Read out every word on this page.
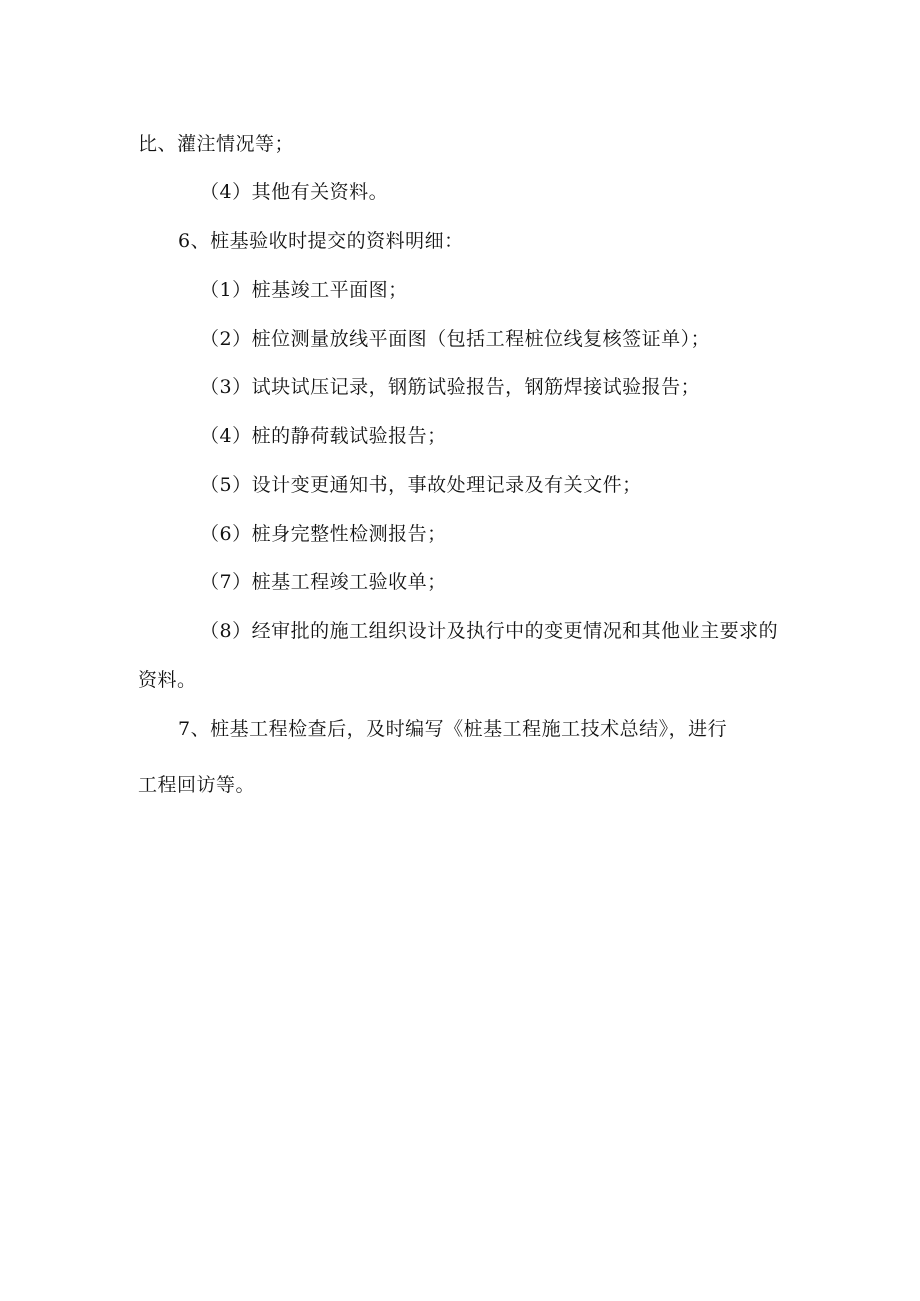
比、灌注情况等；
（4）其他有关资料。
6、桩基验收时提交的资料明细：
（1）桩基竣工平面图；
（2）桩位测量放线平面图（包括工程桩位线复核签证单）；
（3）试块试压记录，钢筋试验报告，钢筋焊接试验报告；
（4）桩的静荷载试验报告；
（5）设计变更通知书，事故处理记录及有关文件；
（6）桩身完整性检测报告；
（7）桩基工程竣工验收单；
（8）经审批的施工组织设计及执行中的变更情况和其他业主要求的
资料。
7、桩基工程检查后，及时编写《桩基工程施工技术总结》，进行
工程回访等。
